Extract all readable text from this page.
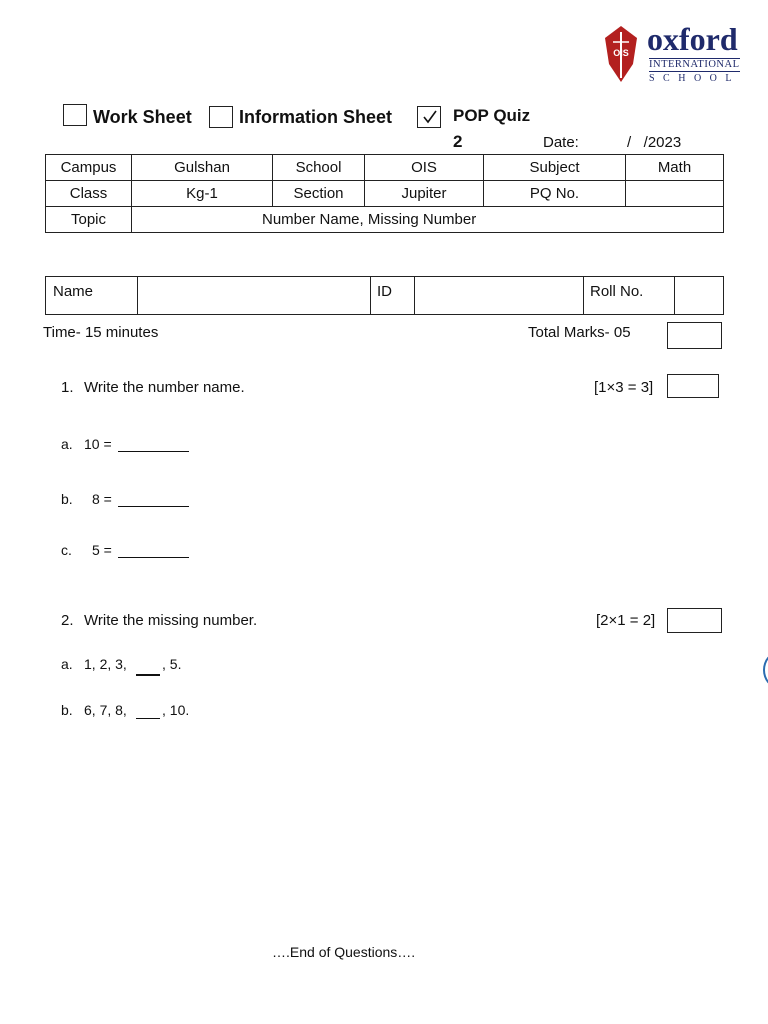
OIS oxford
INTERNATIONAL
S C H O O L
Work Sheet	Information Sheet	POP Quiz
2	Date:	/   /2023
Campus	Gulshan	School	OIS	Subject	Math
Class	Kg-1	Section	Jupiter	PQ No.	
Topic	Number Name, Missing Number				
Name		ID		Roll No.	
Time- 15 minutes	Total Marks- 05
1. Write the number name.	[1×3 = 3]
a. 10 =
b. 8 =
c. 5 =
2. Write the missing number.	[2×1 = 2]
a. 1, 2, 3,	, 5.
b. 6, 7, 8,	, 10.
….End of Questions….
